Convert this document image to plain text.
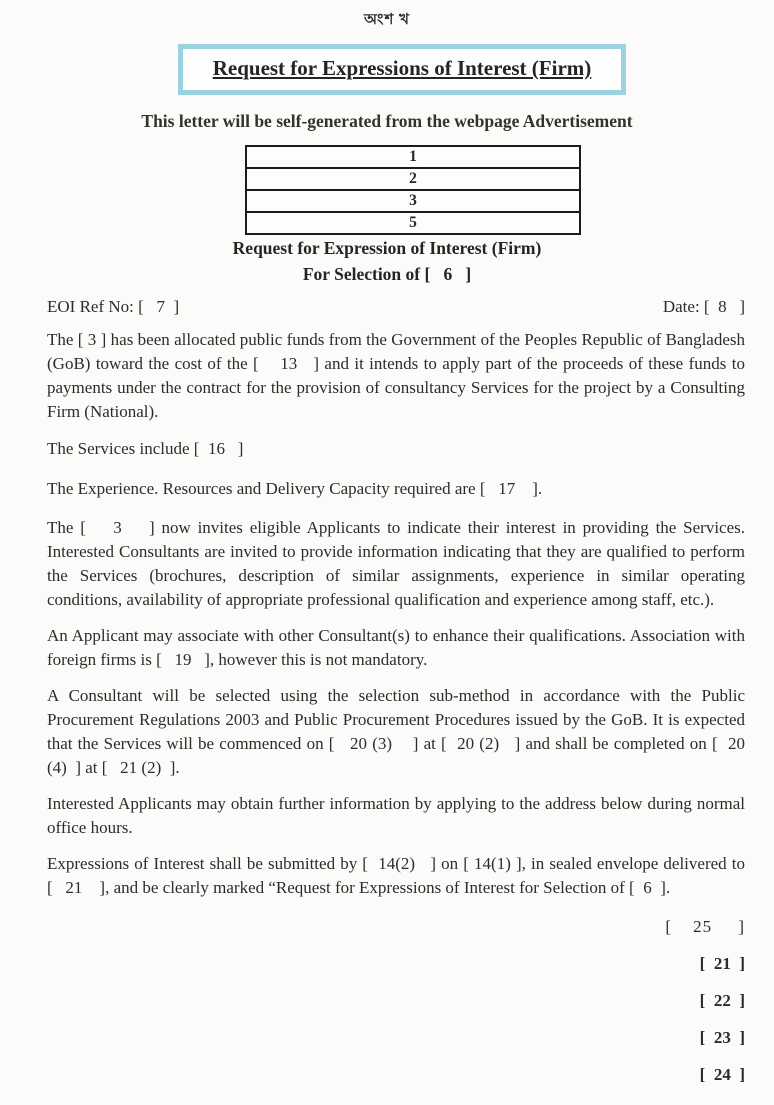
অংশ খ
Request for Expressions of Interest (Firm)
This letter will be self-generated from the webpage Advertisement
1
2
3
5
Request for Expression of Interest (Firm)
For Selection of [   6   ]
EOI Ref No: [   7  ]	Date: [  8   ]

The [ 3 ] has been allocated public funds from the Government of the Peoples Republic of Bangladesh (GoB) toward the cost of the [    13   ] and it intends to apply part of the proceeds of these funds to payments under the contract for the provision of consultancy Services for the project by a Consulting Firm (National).

The Services include [  16   ]

The Experience. Resources and Delivery Capacity required are [   17    ].

The [    3    ] now invites eligible Applicants to indicate their interest in providing the Services. Interested Consultants are invited to provide information indicating that they are qualified to perform the Services (brochures, description of similar assignments, experience in similar operating conditions, availability of appropriate professional qualification and experience among staff, etc.).

An Applicant may associate with other Consultant(s) to enhance their qualifications. Association with foreign firms is [   19   ], however this is not mandatory.

A Consultant will be selected using the selection sub-method in accordance with the Public Procurement Regulations 2003 and Public Procurement Procedures issued by the GoB. It is expected that the Services will be commenced on [   20 (3)    ] at [  20 (2)   ] and shall be completed on [  20 (4)  ] at [   21 (2)  ].

Interested Applicants may obtain further information by applying to the address below during normal office hours.

Expressions of Interest shall be submitted by [  14(2)   ] on [ 14(1) ], in sealed envelope delivered to [   21    ], and be clearly marked “Request for Expressions of Interest for Selection of [  6  ].

[    25     ]
[  21  ]
[  22  ]
[  23  ]
[  24  ]
